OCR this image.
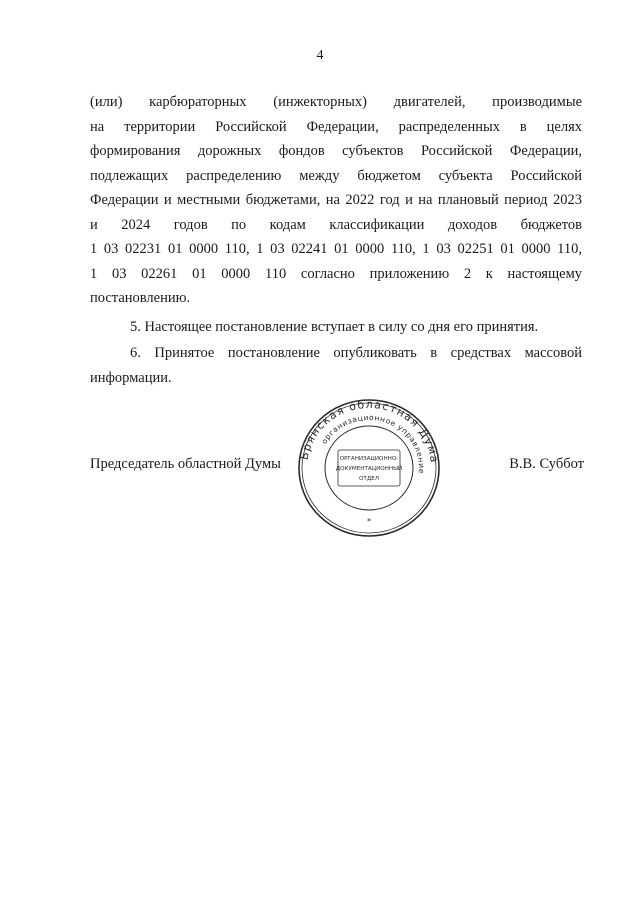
4
(или) карбюраторных (инжекторных) двигателей, производимые
на территории Российской Федерации, распределенных в целях
формирования дорожных фондов субъектов Российской Федерации,
подлежащих распределению между бюджетом субъекта Российской
Федерации и местными бюджетами, на 2022 год и на плановый период 2023
и 2024 годов по кодам классификации доходов бюджетов
1 03 02231 01 0000 110, 1 03 02241 01 0000 110, 1 03 02251 01 0000 110,
1 03 02261 01 0000 110 согласно приложению 2 к настоящему
постановлению.
5. Настоящее постановление вступает в силу со дня его принятия.
6. Принятое постановление опубликовать в средствах массовой
информации.
Председатель областной Думы
Брянская областная Дума
организационное управление
ОРГАНИЗАЦИОННО-
ДОКУМЕНТАЦИОННЫЙ
ОТДЕЛ
*
В.В. Суббот
